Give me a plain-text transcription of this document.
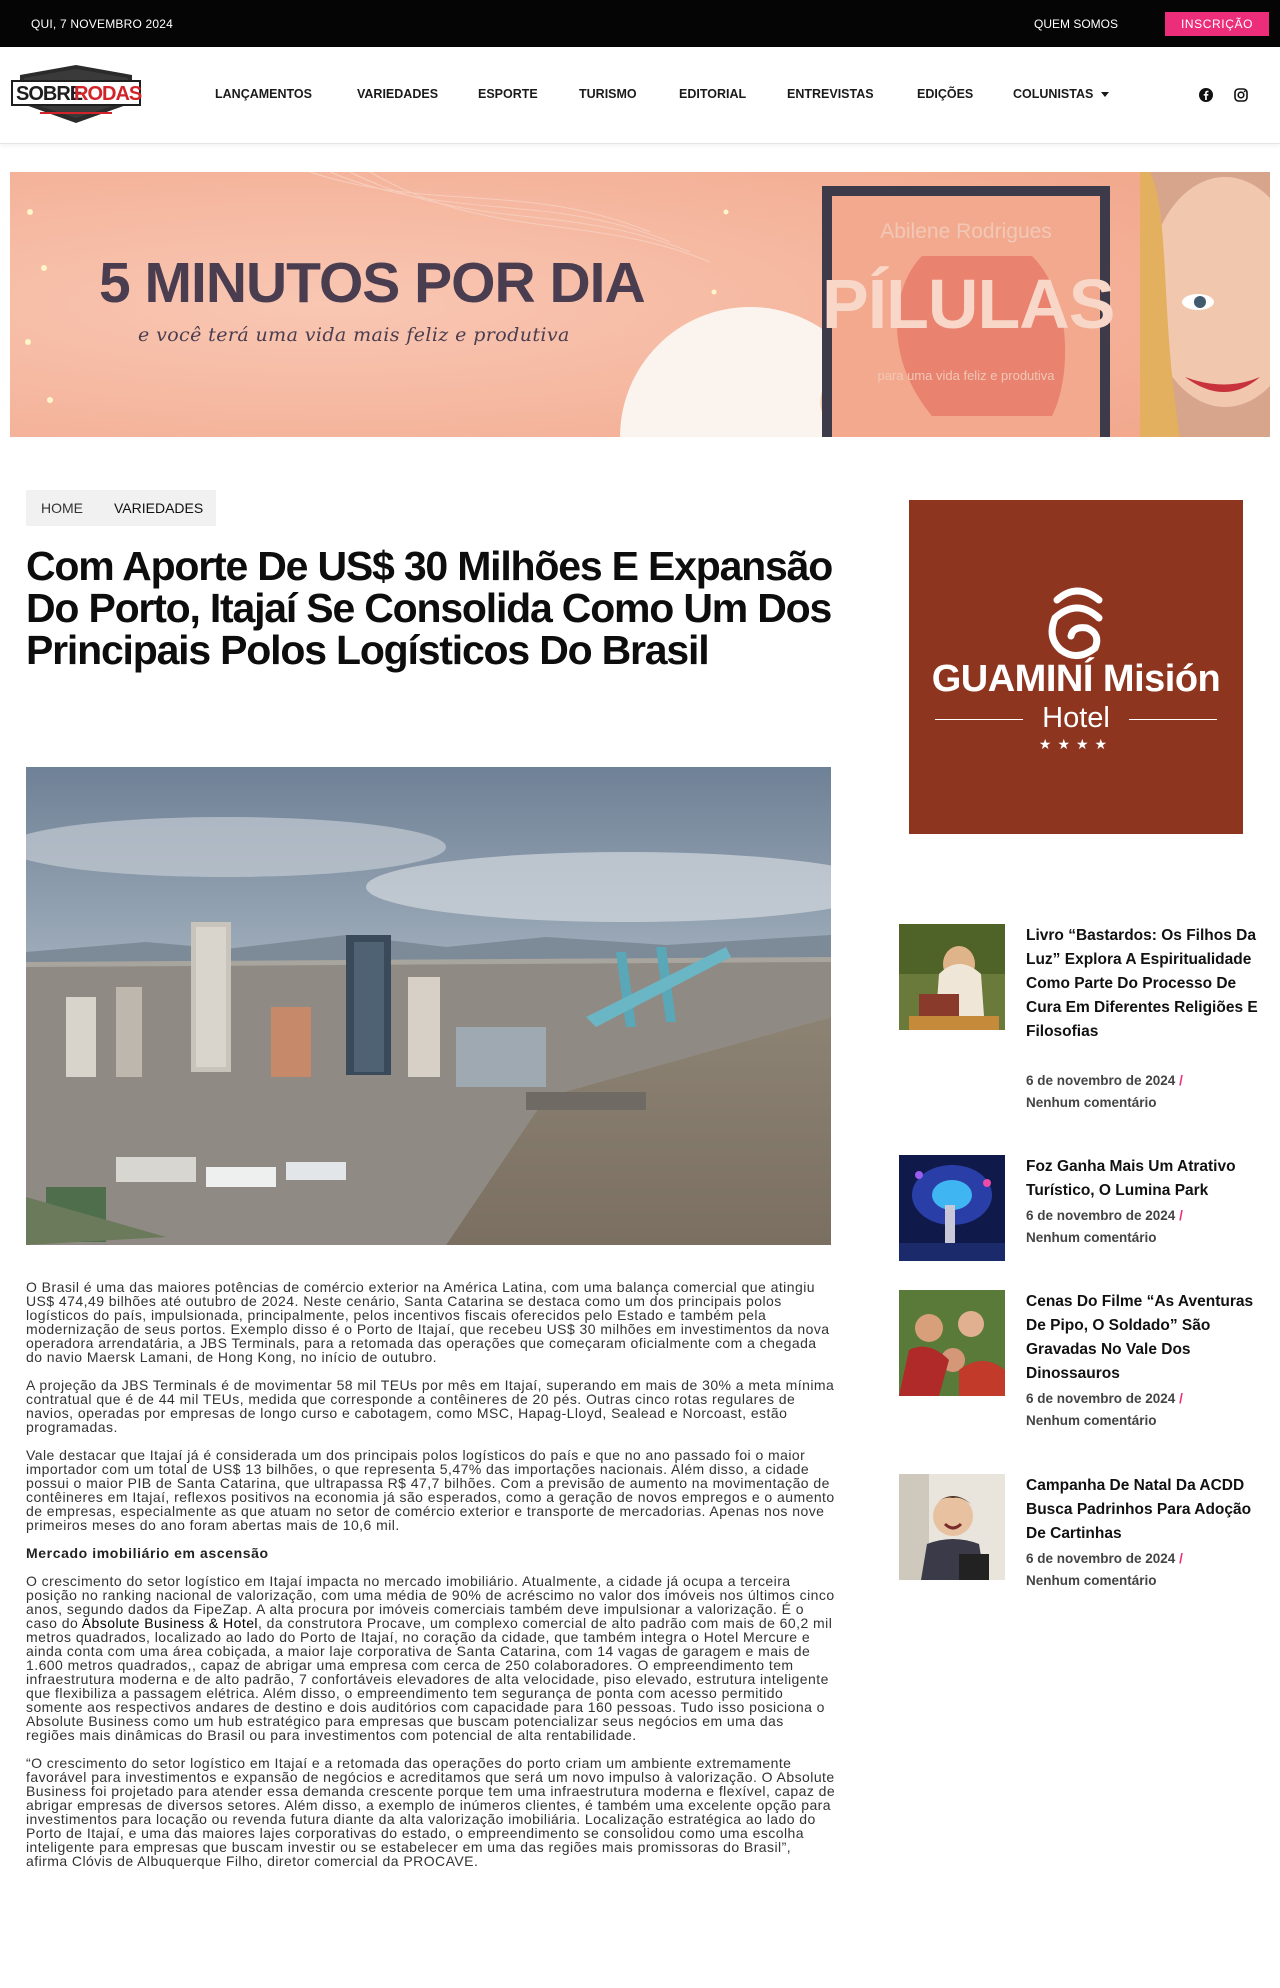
QUI, 7 NOVEMBRO 2024	QUEM SOMOS	INSCRIÇÃO
SOBRE
RODAS	LANÇAMENTOS	VARIEDADES	ESPORTE	TURISMO	EDITORIAL	ENTREVISTAS	EDIÇÕES	COLUNISTAS
5 MINUTOS POR DIA
e você terá uma vida mais feliz e produtiva
Abilene Rodrigues
PÍLULAS
para uma vida feliz e produtiva
HOME VARIEDADES
Com Aporte De US$ 30 Milhões E Expansão Do Porto, Itajaí Se Consolida Como Um Dos Principais Polos Logísticos Do Brasil

O Brasil é uma das maiores potências de comércio exterior na América Latina, com uma balança comercial que atingiu US$ 474,49 bilhões até outubro de 2024. Neste cenário, Santa Catarina se destaca como um dos principais polos logísticos do país, impulsionada, principalmente, pelos incentivos fiscais oferecidos pelo Estado e também pela modernização de seus portos. Exemplo disso é o Porto de Itajaí, que recebeu US$ 30 milhões em investimentos da nova operadora arrendatária, a JBS Terminals, para a retomada das operações que começaram oficialmente com a chegada do navio Maersk Lamani, de Hong Kong, no início de outubro.

A projeção da JBS Terminals é de movimentar 58 mil TEUs por mês em Itajaí, superando em mais de 30% a meta mínima contratual que é de 44 mil TEUs, medida que corresponde a contêineres de 20 pés. Outras cinco rotas regulares de navios, operadas por empresas de longo curso e cabotagem, como MSC, Hapag-Lloyd, Sealead e Norcoast, estão programadas.

Vale destacar que Itajaí já é considerada um dos principais polos logísticos do país e que no ano passado foi o maior importador com um total de US$ 13 bilhões, o que representa 5,47% das importações nacionais. Além disso, a cidade possui o maior PIB de Santa Catarina, que ultrapassa R$ 47,7 bilhões. Com a previsão de aumento na movimentação de contêineres em Itajaí, reflexos positivos na economia já são esperados, como a geração de novos empregos e o aumento de empresas, especialmente as que atuam no setor de comércio exterior e transporte de mercadorias. Apenas nos nove primeiros meses do ano foram abertas mais de 10,6 mil.

Mercado imobiliário em ascensão

O crescimento do setor logístico em Itajaí impacta no mercado imobiliário. Atualmente, a cidade já ocupa a terceira posição no ranking nacional de valorização, com uma média de 90% de acréscimo no valor dos imóveis nos últimos cinco anos, segundo dados da FipeZap. A alta procura por imóveis comerciais também deve impulsionar a valorização. É o caso do Absolute Business & Hotel, da construtora Procave, um complexo comercial de alto padrão com mais de 60,2 mil metros quadrados, localizado ao lado do Porto de Itajaí, no coração da cidade, que também integra o Hotel Mercure e ainda conta com uma área cobiçada, a maior laje corporativa de Santa Catarina, com 14 vagas de garagem e mais de 1.600 metros quadrados,, capaz de abrigar uma empresa com cerca de 250 colaboradores. O empreendimento tem infraestrutura moderna e de alto padrão, 7 confortáveis elevadores de alta velocidade, piso elevado, estrutura inteligente que flexibiliza a passagem elétrica. Além disso, o empreendimento tem segurança de ponta com acesso permitido somente aos respectivos andares de destino e dois auditórios com capacidade para 160 pessoas. Tudo isso posiciona o Absolute Business como um hub estratégico para empresas que buscam potencializar seus negócios em uma das regiões mais dinâmicas do Brasil ou para investimentos com potencial de alta rentabilidade.

“O crescimento do setor logístico em Itajaí e a retomada das operações do porto criam um ambiente extremamente favorável para investimentos e expansão de negócios e acreditamos que será um novo impulso à valorização. O Absolute Business foi projetado para atender essa demanda crescente porque tem uma infraestrutura moderna e flexível, capaz de abrigar empresas de diversos setores. Além disso, a exemplo de inúmeros clientes, é também uma excelente opção para investimentos para locação ou revenda futura diante da alta valorização imobiliária. Localização estratégica ao lado do Porto de Itajaí, e uma das maiores lajes corporativas do estado, o empreendimento se consolidou como uma escolha inteligente para empresas que buscam investir ou se estabelecer em uma das regiões mais promissoras do Brasil”, afirma Clóvis de Albuquerque Filho, diretor comercial da PROCAVE.

GUAMINÍ Misión
Hotel
★★★★
Livro “Bastardos: Os Filhos Da Luz” Explora A Espiritualidade Como Parte Do Processo De Cura Em Diferentes Religiões E Filosofias
6 de novembro de 2024 /
Nenhum comentário
Foz Ganha Mais Um Atrativo Turístico, O Lumina Park
6 de novembro de 2024 /
Nenhum comentário
Cenas Do Filme “As Aventuras De Pipo, O Soldado” São Gravadas No Vale Dos Dinossauros
6 de novembro de 2024 /
Nenhum comentário
Campanha De Natal Da ACDD Busca Padrinhos Para Adoção De Cartinhas
6 de novembro de 2024 /
Nenhum comentário
